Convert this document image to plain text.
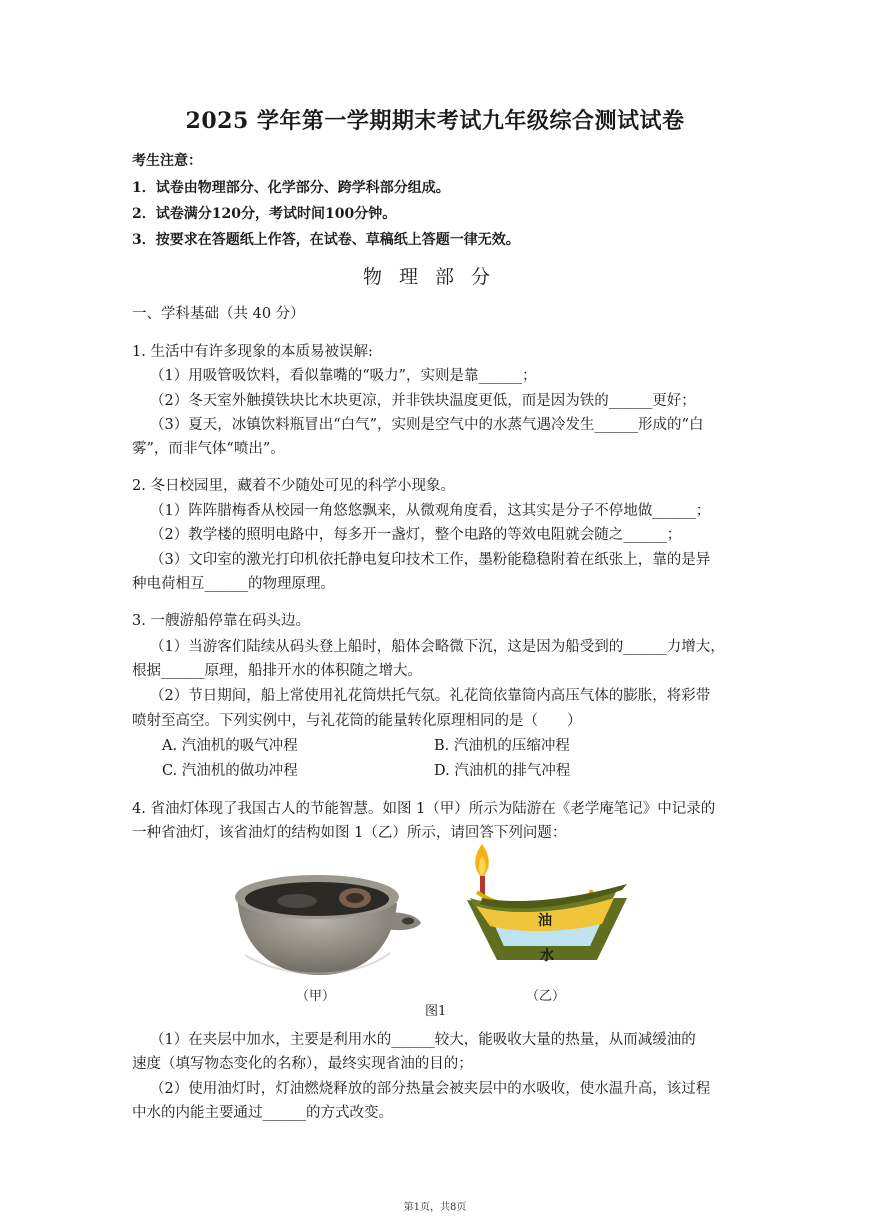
2025 学年第一学期期末考试九年级综合测试试卷
考生注意：
1．试卷由物理部分、化学部分、跨学科部分组成。
2．试卷满分120分，考试时间100分钟。
3．按要求在答题纸上作答，在试卷、草稿纸上答题一律无效。
物理部分
一、学科基础（共 40 分）
1. 生活中有许多现象的本质易被误解:
（1）用吸管吸饮料，看似靠嘴的“吸力”，实则是靠______；
（2）冬天室外触摸铁块比木块更凉，并非铁块温度更低，而是因为铁的______更好；
（3）夏天，冰镇饮料瓶冒出“白气”，实则是空气中的水蒸气遇冷发生______形成的“白
雾”，而非气体“喷出”。
2. 冬日校园里，藏着不少随处可见的科学小现象。
（1）阵阵腊梅香从校园一角悠悠飘来，从微观角度看，这其实是分子不停地做______；
（2）教学楼的照明电路中，每多开一盏灯，整个电路的等效电阻就会随之______；
（3）文印室的激光打印机依托静电复印技术工作，墨粉能稳稳附着在纸张上，靠的是异
种电荷相互______的物理原理。
3. 一艘游船停靠在码头边。
（1）当游客们陆续从码头登上船时，船体会略微下沉，这是因为船受到的______力增大，
根据______原理，船排开水的体积随之增大。
（2）节日期间，船上常使用礼花筒烘托气氛。礼花筒依靠筒内高压气体的膨胀，将彩带
喷射至高空。下列实例中，与礼花筒的能量转化原理相同的是（　　）
A. 汽油机的吸气冲程	B. 汽油机的压缩冲程
C. 汽油机的做功冲程	D. 汽油机的排气冲程
4. 省油灯体现了我国古人的节能智慧。如图 1（甲）所示为陆游在《老学庵笔记》中记录的
一种省油灯，该省油灯的结构如图 1（乙）所示，请回答下列问题：
（甲）
图1
油
水
（乙）
（1）在夹层中加水，主要是利用水的______较大，能吸收大量的热量，从而减缓油的
速度（填写物态变化的名称），最终实现省油的目的；
（2）使用油灯时，灯油燃烧释放的部分热量会被夹层中的水吸收，使水温升高，该过程
中水的内能主要通过______的方式改变。
第1页，共8页
